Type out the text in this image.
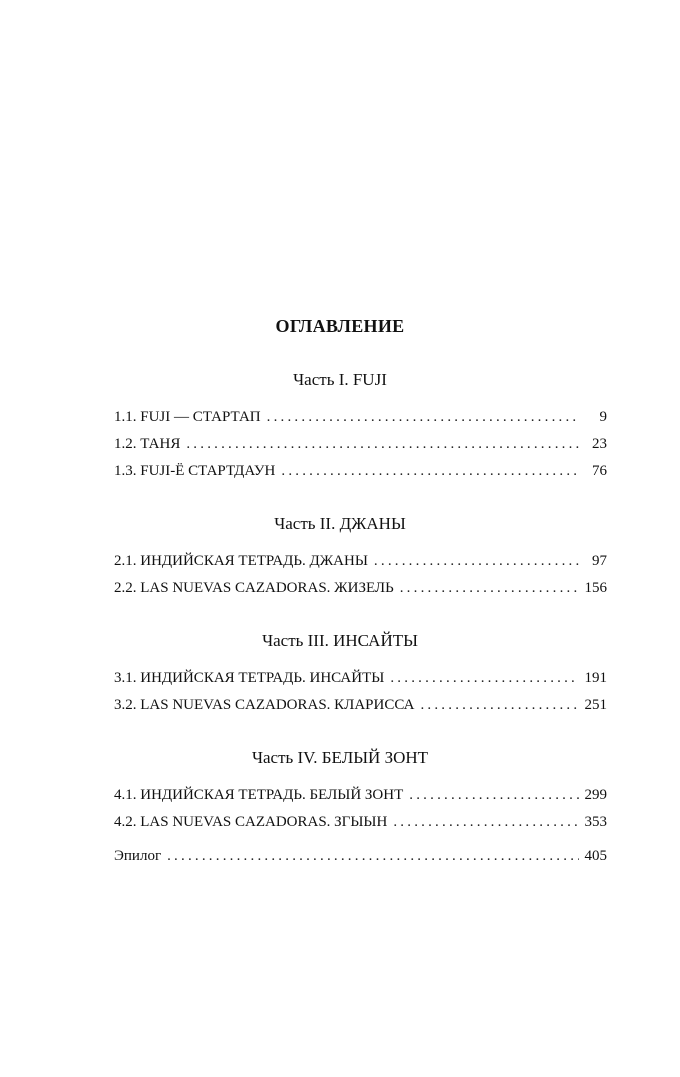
ОГЛАВЛЕНИЕ
Часть I. FUJI
1.1. FUJI — СТАРТАП .....	9
1.2. ТАНЯ .....	23
1.3. FUJI-Ё СТАРТДАУН .....	76
Часть II. ДЖАНЫ
2.1. ИНДИЙСКАЯ ТЕТРАДЬ. ДЖАНЫ .....	97
2.2. LAS NUEVAS CAZADORAS. ЖИЗЕЛЬ .....	156
Часть III. ИНСАЙТЫ
3.1. ИНДИЙСКАЯ ТЕТРАДЬ. ИНСАЙТЫ .....	191
3.2. LAS NUEVAS CAZADORAS. КЛАРИССА .....	251
Часть IV. БЕЛЫЙ ЗОНТ
4.1. ИНДИЙСКАЯ ТЕТРАДЬ. БЕЛЫЙ ЗОНТ .....	299
4.2. LAS NUEVAS CAZADORAS. ЗГЫЫН .....	353
Эпилог .....	405
